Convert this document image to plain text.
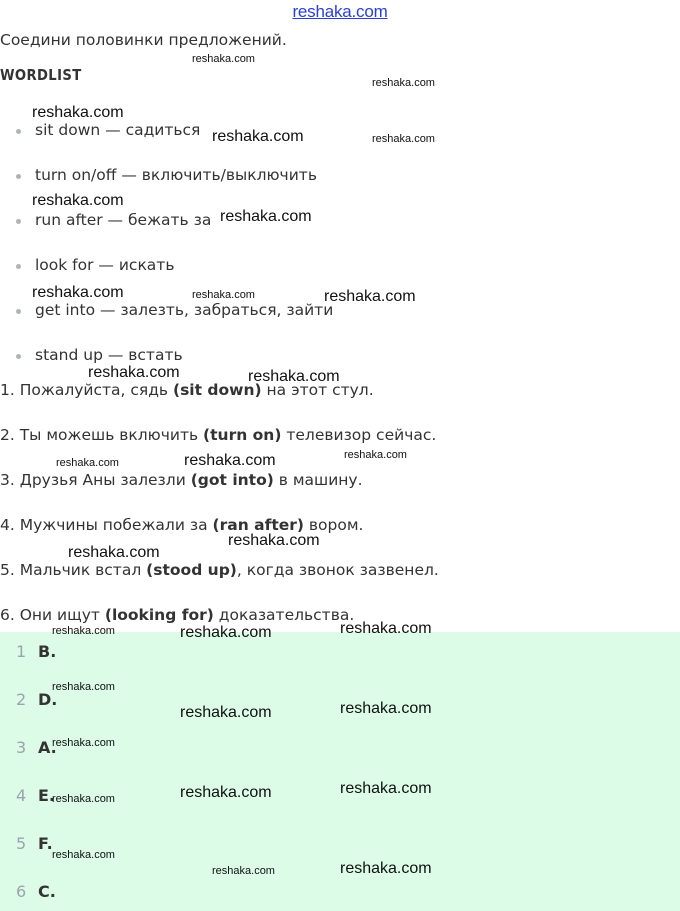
reshaka.com
Соедини половинки предложений.
WORDLIST
sit down — садиться
turn on/off — включить/выключить
run after — бежать за
look for — искать
get into — залезть, забраться, зайти
stand up — встать
1. Пожалуйста, сядь (sit down) на этот стул.
2. Ты можешь включить (turn on) телевизор сейчас.
3. Друзья Аны залезли (got into) в машину.
4. Мужчины побежали за (ran after) вором.
5. Мальчик встал (stood up), когда звонок зазвенел.
6. Они ищут (looking for) доказательства.
1 B.
2 D.
3 A.
4 E.
5 F.
6 C.
reshaka.com
reshaka.com
reshaka.com
reshaka.com	reshaka.com
reshaka.com
reshaka.com
reshaka.com	reshaka.com	reshaka.com
reshaka.com	reshaka.com
reshaka.com	reshaka.com	reshaka.com
reshaka.com
reshaka.com
reshaka.com	reshaka.com	reshaka.com
reshaka.com
reshaka.com	reshaka.com
reshaka.com
reshaka.com	reshaka.com	reshaka.com
reshaka.com
reshaka.com	reshaka.com
